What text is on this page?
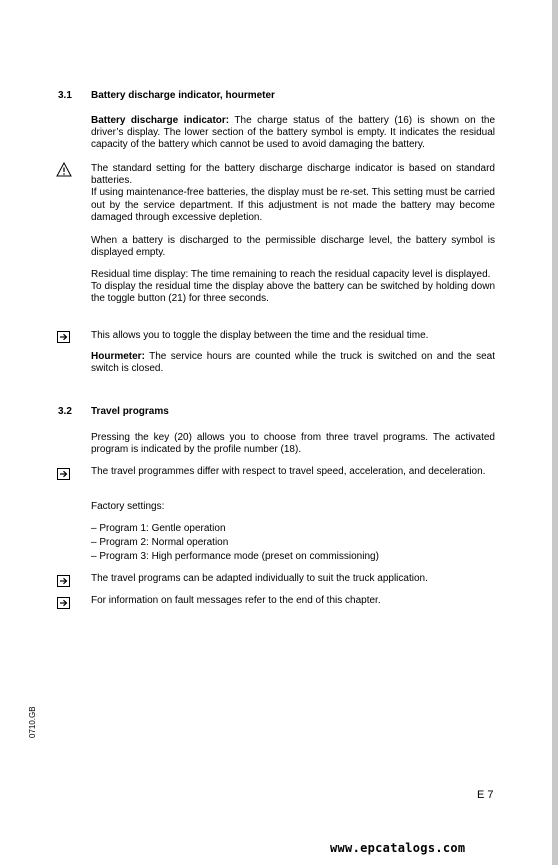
3.1 Battery discharge indicator, hourmeter

Battery discharge indicator: The charge status of the battery (16) is shown on the driver’s display. The lower section of the battery symbol is empty. It indicates the residual capacity of the battery which cannot be used to avoid damaging the battery.

The standard setting for the battery discharge discharge indicator is based on standard batteries.
If using maintenance-free batteries, the display must be re-set. This setting must be carried out by the service department. If this adjustment is not made the battery may become damaged through excessive depletion.

When a battery is discharged to the permissible discharge level, the battery symbol is displayed empty.

Residual time display: The time remaining to reach the residual capacity level is displayed.
To display the residual time the display above the battery can be switched by holding down the toggle button (21) for three seconds.

This allows you to toggle the display between the time and the residual time.

Hourmeter: The service hours are counted while the truck is switched on and the seat switch is closed.

3.2 Travel programs

Pressing the key (20) allows you to choose from three travel programs. The activated program is indicated by the profile number (18).

The travel programmes differ with respect to travel speed, acceleration, and deceleration.

Factory settings:

– Program 1: Gentle operation
– Program 2: Normal operation
– Program 3: High performance mode (preset on commissioning)

The travel programs can be adapted individually to suit the truck application.

For information on fault messages refer to the end of this chapter.

0710.GB
E 7
www.epcatalogs.com
